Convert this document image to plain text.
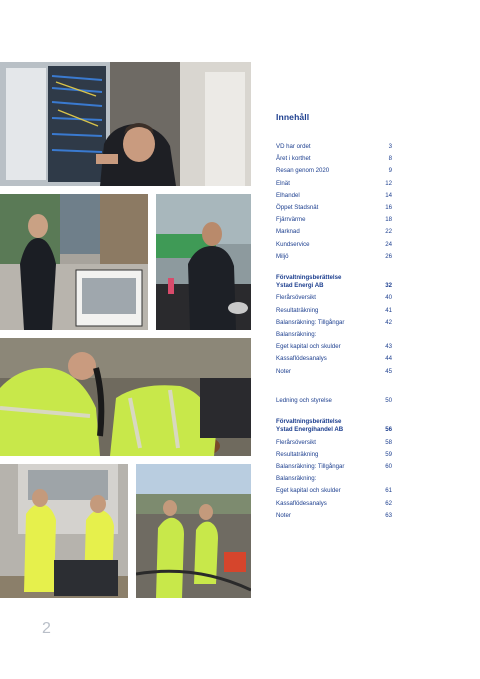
Innehåll
VD har ordet	3
Året i korthet	8
Resan genom 2020	9
Elnät	12
Elhandel	14
Öppet Stadsnät	16
Fjärrvärme	18
Marknad	22
Kundservice	24
Miljö	26
Förvaltningsberättelse
Ystad Energi AB	32
Flerårsöversikt	40
Resultaträkning	41
Balansräkning: Tillgångar	42
Balansräkning:
Eget kapital och skulder	43
Kassaflödesanalys	44
Noter	45
Ledning och styrelse	50
Förvaltningsberättelse
Ystad Energihandel AB	56
Flerårsöversikt	58
Resultaträkning	59
Balansräkning: Tillgångar	60
Balansräkning:
Eget kapital och skulder	61
Kassaflödesanalys	62
Noter	63
2
